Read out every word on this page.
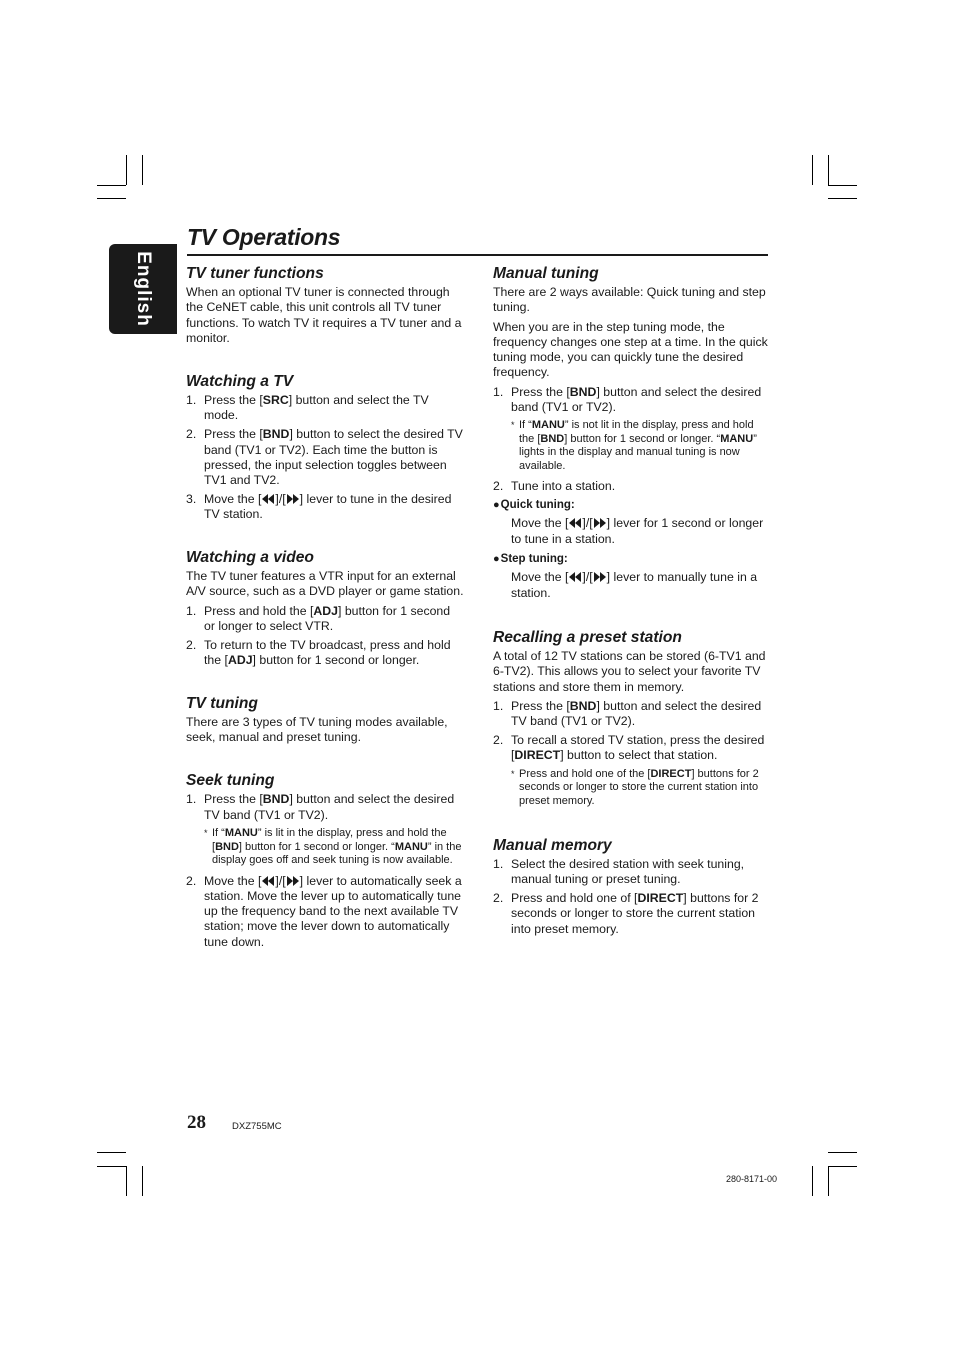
English
TV Operations
TV tuner functions

When an optional TV tuner is connected through the CeNET cable, this unit controls all TV tuner functions. To watch TV it requires a TV tuner and a monitor.

Watching a TV
1. Press the [SRC] button and select the TV mode.
2. Press the [BND] button to select the desired TV band (TV1 or TV2). Each time the button is pressed, the input selection toggles between TV1 and TV2.
3. Move the [ ]/[ ] lever to tune in the desired TV station.
Watching a video

The TV tuner features a VTR input for an external A/V source, such as a DVD player or game station.

1. Press and hold the [ADJ] button for 1 second or longer to select VTR.
2. To return to the TV broadcast, press and hold the [ADJ] button for 1 second or longer.
TV tuning

There are 3 types of TV tuning modes available, seek, manual and preset tuning.

Seek tuning
1. Press the [BND] button and select the desired TV band (TV1 or TV2).
* If “MANU” is lit in the display, press and hold the [BND] button for 1 second or longer. “MANU” in the display goes off and seek tuning is now available.
2. Move the [ ]/[ ] lever to automatically seek a station. Move the lever up to automatically tune up the frequency band to the next available TV station; move the lever down to automatically tune down.
Manual tuning

There are 2 ways available: Quick tuning and step tuning.

When you are in the step tuning mode, the frequency changes one step at a time. In the quick tuning mode, you can quickly tune the desired frequency.

1. Press the [BND] button and select the desired band (TV1 or TV2).
* If “MANU” is not lit in the display, press and hold the [BND] button for 1 second or longer. “MANU” lights in the display and manual tuning is now available.
2. Tune into a station.
●Quick tuning:
Move the [ ]/[ ] lever for 1 second or longer to tune in a station.
●Step tuning:
Move the [ ]/[ ] lever to manually tune in a station.
Recalling a preset station

A total of 12 TV stations can be stored (6-TV1 and 6-TV2). This allows you to select your favorite TV stations and store them in memory.

1. Press the [BND] button and select the desired TV band (TV1 or TV2).
2. To recall a stored TV station, press the desired [DIRECT] button to select that station.
* Press and hold one of the [DIRECT] buttons for 2 seconds or longer to store the current station into preset memory.
Manual memory
1. Select the desired station with seek tuning, manual tuning or preset tuning.
2. Press and hold one of [DIRECT] buttons for 2 seconds or longer to store the current station into preset memory.
28	DXZ755MC
280-8171-00
